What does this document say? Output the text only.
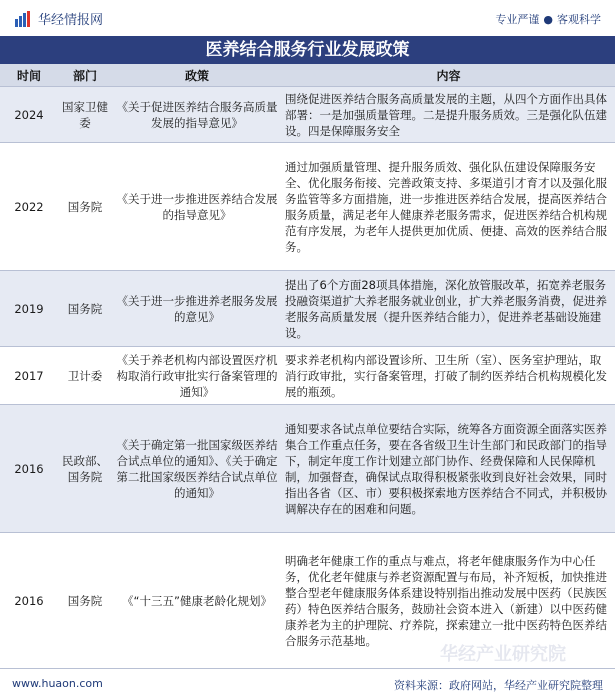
华经情报网	专业严谨 ● 客观科学
医养结合服务行业发展政策
时间	部门	政策	内容
2024	国家卫健委	《关于促进医养结合服务高质量发展的指导意见》	围绕促进医养结合服务高质量发展的主题，从四个方面作出具体部署：一是加强质量管理。二是提升服务质效。三是强化队伍建设。四是保障服务安全
2022	国务院	《关于进一步推进医养结合发展的指导意见》	通过加强质量管理、提升服务质效、强化队伍建设保障服务安全、优化服务衔接、完善政策支持、多渠道引才育才以及强化服务监管等多方面措施，进一步推进医养结合发展，提高医养结合服务质量，满足老年人健康养老服务需求，促进医养结合机构规范有序发展，为老年人提供更加优质、便捷、高效的医养结合服务。
2019	国务院	《关于进一步推进养老服务发展的意见》	提出了6个方面28项具体措施，深化放管服改革，拓宽养老服务投融资渠道扩大养老服务就业创业，扩大养老服务消费，促进养老服务高质量发展（提升医养结合能力），促进养老基础设施建设。
2017	卫计委	《关于养老机构内部设置医疗机构取消行政审批实行备案管理的通知》	要求养老机构内部设置诊所、卫生所（室）、医务室护理站，取消行政审批，实行备案管理，打破了制约医养结合机构规模化发展的瓶颈。
2016	民政部、国务院	《关于确定第一批国家级医养结合试点单位的通知》、《关于确定第二批国家级医养结合试点单位的通知》	通知要求各试点单位要结合实际，统筹各方面资源全面落实医养集合工作重点任务，要在各省级卫生计生部门和民政部门的指导下，制定年度工作计划建立部门协作、经费保障和人民保障机制，加强督查，确保试点取得积极紧张收到良好社会效果，同时指出各省（区、市）要积极探索地方医养结合不同式，并积极协调解决存在的困难和问题。
2016	国务院	《“十三五”健康老龄化规划》	明确老年健康工作的重点与难点，将老年健康服务作为中心任务，优化老年健康与养老资源配置与布局，补齐短板，加快推进整合型老年健康服务体系建设特别指出推动发展中医药（民族医药）特色医养结合服务，鼓励社会资本进入（新建）以中医药健康养老为主的护理院、疗养院，探索建立一批中医药特色医养结合服务示范基地。
华经产业研究院
www.huaon.com	资料来源：政府网站，华经产业研究院整理
